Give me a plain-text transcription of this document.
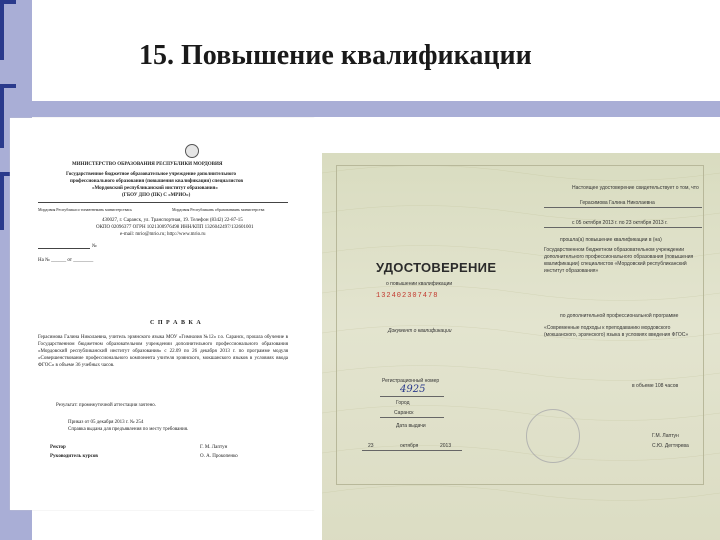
15. Повышение квалификации
МИНИСТЕРСТВО ОБРАЗОВАНИЯ РЕСПУБЛИКИ МОРДОВИЯ
Государственное бюджетное образовательное учреждение дополнительного
профессионального образования (повышения квалификации) специалистов
«Мордовский республиканский институт образования»
(ГБОУ ДПО (ПК) С «МРИО»)
Мордовия Республикасо тонавтнемань министерствась	Мордовия Республикань образованиянь министерства
430027, г. Саранск, ул. Транспортная, 19. Телефон (8342) 22-87-15
ОКПО 02096377 ОГРН 1021300976498 ИНН/КПП 1326042497/132601001
e-mail: mrio@mrio.ru; http://www.mrio.ru
№
На № ______ от ________
С П Р А В К А
Герасимова Галина Николаевна, учитель эрзянского языка МОУ «Гимназия №12» г.о. Саранск, прошла обучение в Государственном бюджетном образовательном учреждении дополнительного профессионального образования «Мордовский республиканский институт образования» с 22.09 по 26 декабря 2013 г. по программе модуля «Совершенствование профессионального компонента учителя эрзянского, мокшанского языков в условиях ввода ФГОС» в объеме 36 учебных часов.
Результат: промежуточной аттестации зачтено.
Приказ от 05 декабря 2013 г. № 254
Справка выдана для предъявления по месту требования.
Ректор	Г. М. Лаптун
Руководитель курсов	О. А. Прокопенко
Настоящее удостоверение свидетельствует о том, что
Герасимова Галина Николаевна
с 05 октября 2013 г. по 23 октября 2013 г.
прошла(а) повышение квалификации в (на)
Государственном бюджетном образовательном учреждении дополнительного профессионального образования (повышения квалификации) специалистов «Мордовский республиканский институт образования»
УДОСТОВЕРЕНИЕ
о повышении квалификации
132402307478
по дополнительной профессиональной программе
Документ о квалификации	«Современные подходы к преподаванию мордовского (мокшанского, эрзянского) языка в условиях введения ФГОС»
Регистрационный номер
4925
Город
Саранск
в объеме 108 часов
Дата выдачи
23	октября	2013
Г.М. Лаптун
С.Ю. Дегтярева
